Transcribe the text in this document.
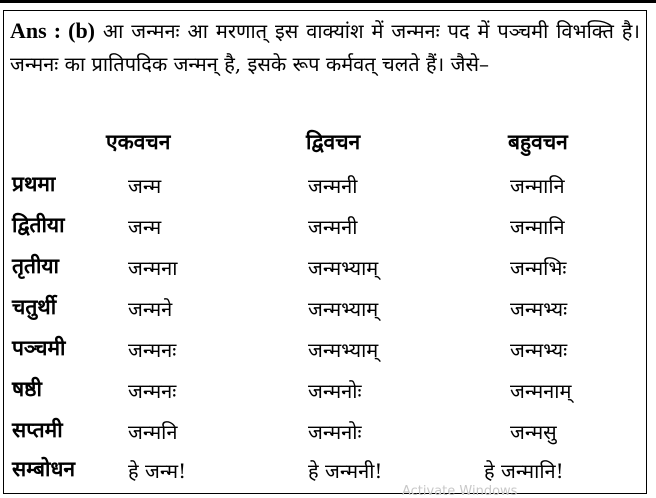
Ans : (b) आ जन्मनः आ मरणात् इस वाक्यांश में जन्मनः पद में पञ्चमी विभक्ति है। जन्मनः का प्रातिपदिक जन्मन् है, इसके रूप कर्मवत् चलते हैं। जैसे–
एकवचन	द्विवचन	बहुवचन
प्रथमा	जन्म	जन्मनी	जन्मानि
द्वितीया	जन्म	जन्मनी	जन्मानि
तृतीया	जन्मना	जन्मभ्याम्	जन्मभिः
चतुर्थी	जन्मने	जन्मभ्याम्	जन्मभ्यः
पञ्चमी	जन्मनः	जन्मभ्याम्	जन्मभ्यः
षष्ठी	जन्मनः	जन्मनोः	जन्मनाम्
सप्तमी	जन्मनि	जन्मनोः	जन्मसु
सम्बोधन	हे जन्म!	हे जन्मनी!	हे जन्मानि!
Activate Windows
